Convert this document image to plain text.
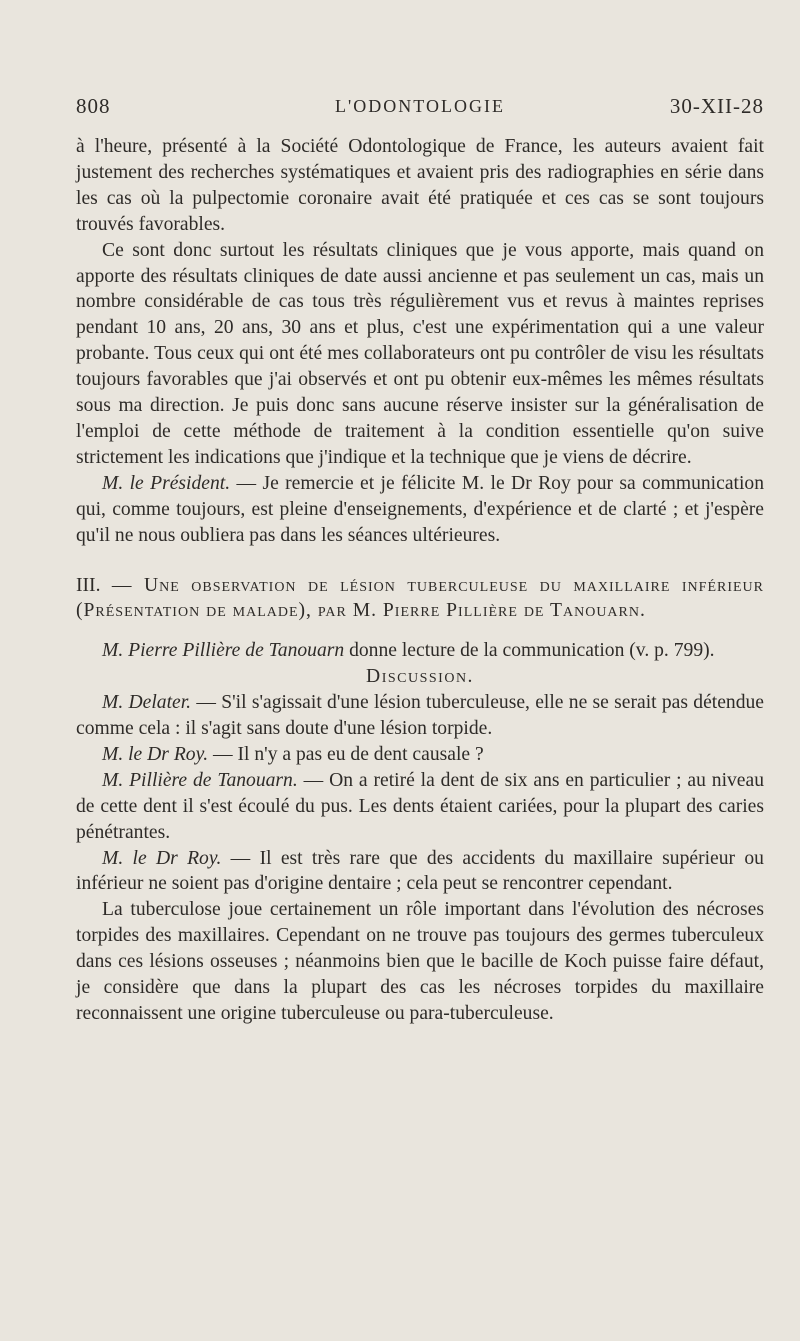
808	L'ODONTOLOGIE	30-XII-28

à l'heure, présenté à la Société Odontologique de France, les auteurs avaient fait justement des recherches systématiques et avaient pris des radiographies en série dans les cas où la pulpectomie coronaire avait été pratiquée et ces cas se sont toujours trouvés favorables.

Ce sont donc surtout les résultats cliniques que je vous apporte, mais quand on apporte des résultats cliniques de date aussi ancienne et pas seulement un cas, mais un nombre considérable de cas tous très régulièrement vus et revus à maintes reprises pendant 10 ans, 20 ans, 30 ans et plus, c'est une expérimentation qui a une valeur probante. Tous ceux qui ont été mes collaborateurs ont pu contrôler de visu les résultats toujours favorables que j'ai observés et ont pu obtenir eux-mêmes les mêmes résultats sous ma direction. Je puis donc sans aucune réserve insister sur la généralisation de l'emploi de cette méthode de traitement à la condition essentielle qu'on suive strictement les indications que j'indique et la technique que je viens de décrire.

M. le Président. — Je remercie et je félicite M. le Dr Roy pour sa communication qui, comme toujours, est pleine d'enseignements, d'expérience et de clarté ; et j'espère qu'il ne nous oubliera pas dans les séances ultérieures.

III. — Une observation de lésion tuberculeuse du maxillaire inférieur (Présentation de malade), par M. Pierre Pillière de Tanouarn.

M. Pierre Pillière de Tanouarn donne lecture de la communication (v. p. 799).

Discussion.

M. Delater. — S'il s'agissait d'une lésion tuberculeuse, elle ne se serait pas détendue comme cela : il s'agit sans doute d'une lésion torpide.

M. le Dr Roy. — Il n'y a pas eu de dent causale ?

M. Pillière de Tanouarn. — On a retiré la dent de six ans en particulier ; au niveau de cette dent il s'est écoulé du pus. Les dents étaient cariées, pour la plupart des caries pénétrantes.

M. le Dr Roy. — Il est très rare que des accidents du maxillaire supérieur ou inférieur ne soient pas d'origine dentaire ; cela peut se rencontrer cependant.

La tuberculose joue certainement un rôle important dans l'évolution des nécroses torpides des maxillaires. Cependant on ne trouve pas toujours des germes tuberculeux dans ces lésions osseuses ; néanmoins bien que le bacille de Koch puisse faire défaut, je considère que dans la plupart des cas les nécroses torpides du maxillaire reconnaissent une origine tuberculeuse ou para-tuberculeuse.
